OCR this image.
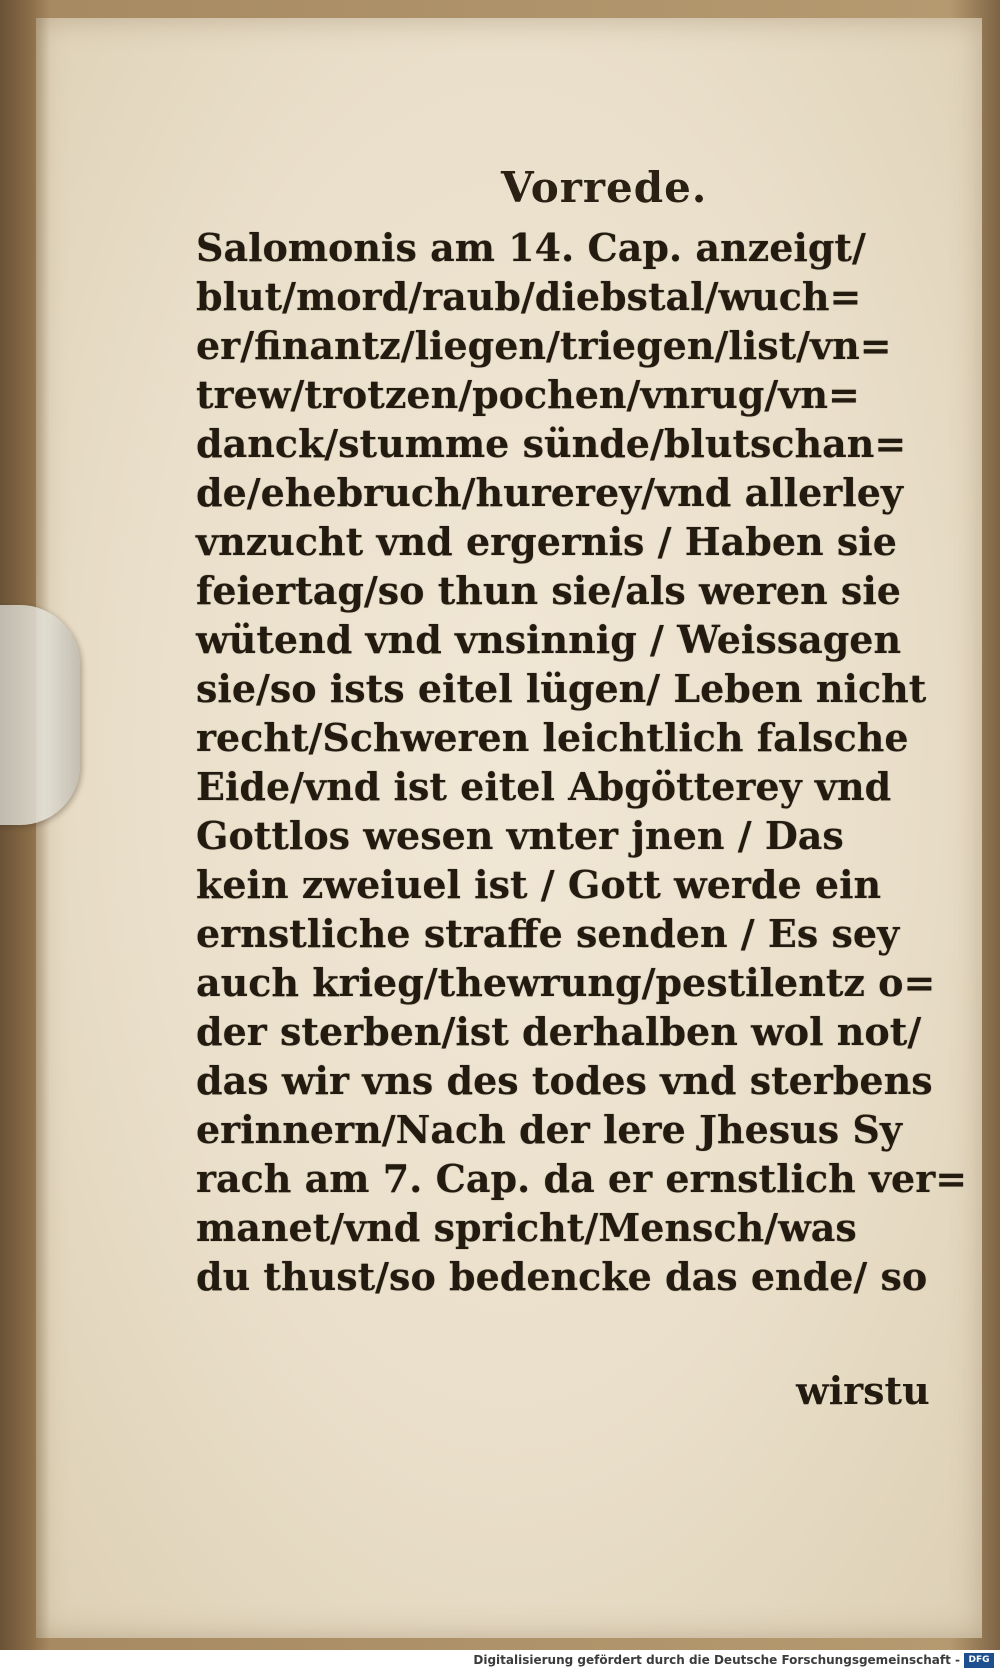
Vorrede.
Salomonis am 14. Cap. anzeigt/
blut/mord/raub/diebstal/wuch=
er/finantz/liegen/triegen/list/vn=
trew/trotzen/pochen/vnrug/vn=
danck/stumme sünde/blutschan=
de/ehebruch/hurerey/vnd allerley
vnzucht vnd ergernis / Haben sie
feiertag/so thun sie/als weren sie
wütend vnd vnsinnig / Weissagen
sie/so ists eitel lügen/ Leben nicht
recht/Schweren leichtlich falsche
Eide/vnd ist eitel Abgötterey vnd
Gottlos wesen vnter jnen / Das
kein zweiuel ist / Gott werde ein
ernstliche straffe senden / Es sey
auch krieg/thewrung/pestilentz o=
der sterben/ist derhalben wol not/
das wir vns des todes vnd sterbens
erinnern/Nach der lere Jhesus Sy
rach am 7. Cap. da er ernstlich ver=
manet/vnd spricht/Mensch/was
du thust/so bedencke das ende/ so
wirstu
Digitalisierung gefördert durch die Deutsche Forschungsgemeinschaft - DFG
